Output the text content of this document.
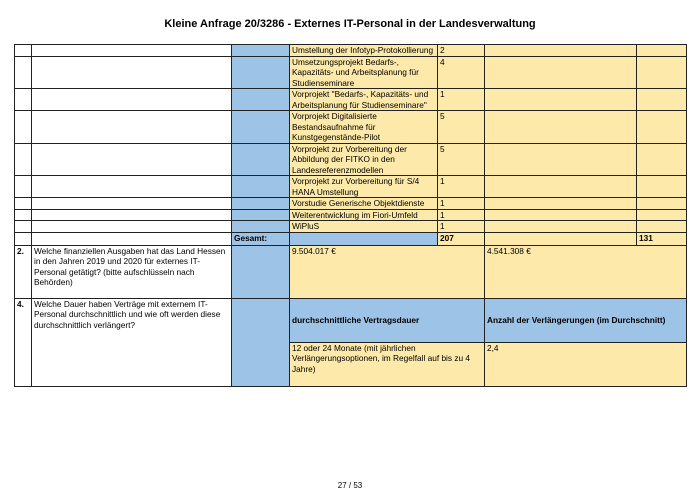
Kleine Anfrage 20/3286 - Externes IT-Personal in der Landesverwaltung
			Umstellung der Infotyp-Protokollierung	2		
			Umsetzungsprojekt Bedarfs-, Kapazitäts- und Arbeitsplanung für Studienseminare	4		
			Vorprojekt "Bedarfs-, Kapazitäts- und Arbeitsplanung für Studienseminare"	1		
			Vorprojekt Digitalisierte Bestandsaufnahme für Kunstgegenstände-Pilot	5		
			Vorprojekt zur Vorbereitung der Abbildung der FITKO in den Landesreferenzmodellen	5		
			Vorprojekt zur Vorbereitung für S/4 HANA Umstellung	1		
			Vorstudie Generische Objektdienste	1		
			Weiterentwicklung im Fiori-Umfeld	1		
			WiPluS	1		
		Gesamt:		207		131
2.	Welche finanziellen Ausgaben hat das Land Hessen in den Jahren 2019 und 2020 für externes IT-Personal getätigt? (bitte aufschlüsseln nach Behörden)		9.504.017 €		4.541.308 €	
4.	Welche Dauer haben Verträge mit externem IT-Personal durchschnittlich und wie oft werden diese durchschnittlich verlängert?		durchschnittliche Vertragsdauer		Anzahl der Verlängerungen (im Durchschnitt)	
			12 oder 24 Monate (mit jährlichen Verlängerungsoptionen, im Regelfall auf bis zu 4 Jahre)		2,4	
27 / 53
